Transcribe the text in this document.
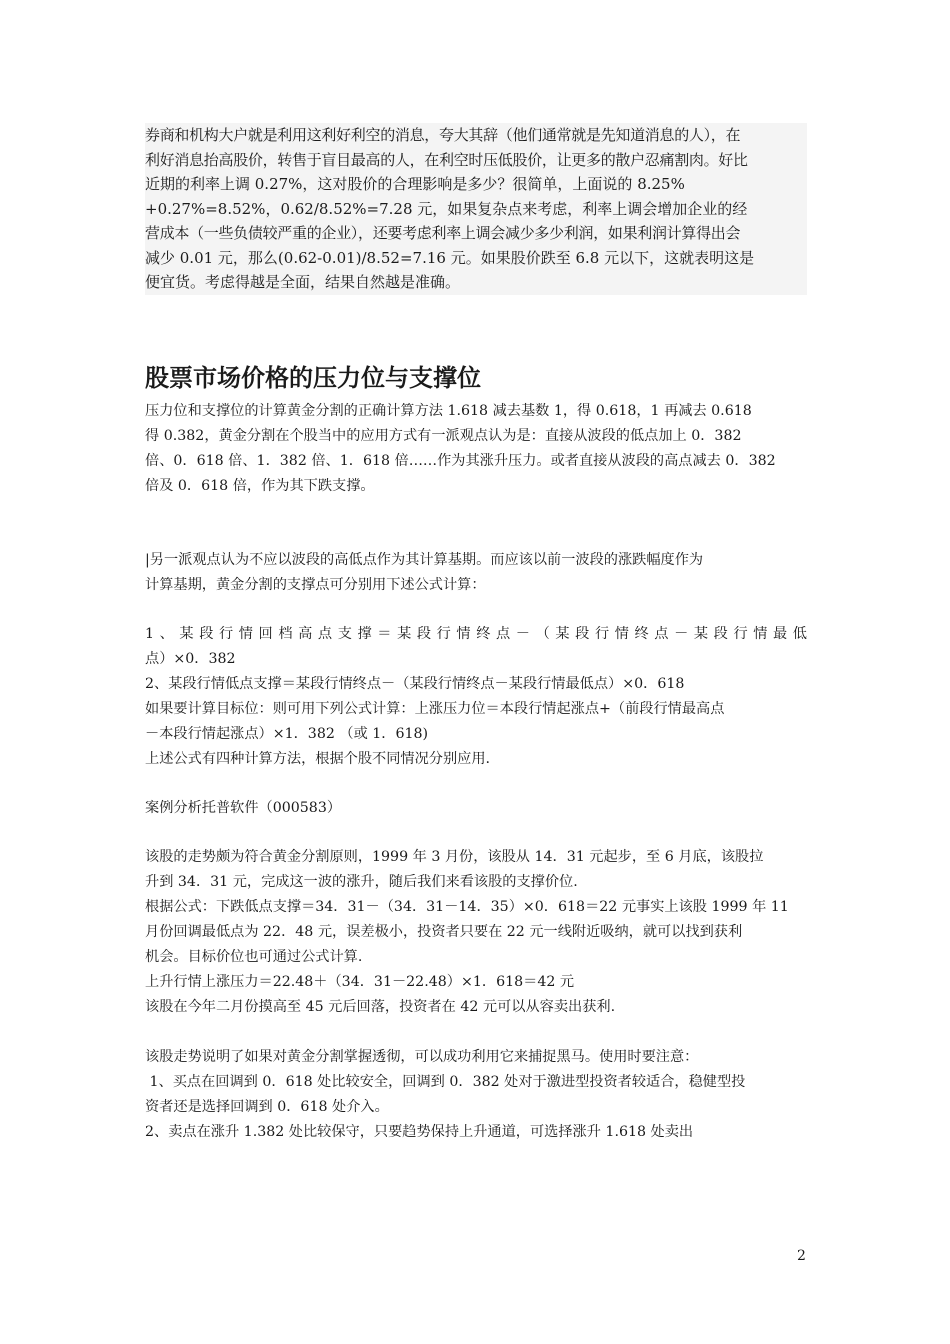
券商和机构大户就是利用这利好利空的消息，夸大其辞（他们通常就是先知道消息的人），在

利好消息抬高股价，转售于盲目最高的人，在利空时压低股价，让更多的散户忍痛割肉。好比

近期的利率上调 0.27%，这对股价的合理影响是多少？很简单，上面说的 8.25%

+0.27%=8.52%，0.62/8.52%=7.28 元，如果复杂点来考虑，利率上调会增加企业的经

营成本（一些负债较严重的企业），还要考虑利率上调会减少多少利润，如果利润计算得出会

减少 0.01 元，那么(0.62-0.01)/8.52=7.16 元。如果股价跌至 6.8 元以下，这就表明这是

便宜货。考虑得越是全面，结果自然越是准确。

股票市场价格的压力位与支撑位

压力位和支撑位的计算黄金分割的正确计算方法 1.618 减去基数 1，得 0.618，1 再减去 0.618

得 0.382，黄金分割在个股当中的应用方式有一派观点认为是：直接从波段的低点加上 0．382

倍、0．618 倍、1．382 倍、1．618 倍……作为其涨升压力。或者直接从波段的高点减去 0．382

倍及 0．618 倍，作为其下跌支撑。

|另一派观点认为不应以波段的高低点作为其计算基期。而应该以前一波段的涨跌幅度作为

计算基期，黄金分割的支撑点可分别用下述公式计算：

1、某段行情回档高点支撑＝某段行情终点－（某段行情终点－某段行情最低

点）×0．382

2、某段行情低点支撑＝某段行情终点－（某段行情终点－某段行情最低点）×0．618

如果要计算目标位：则可用下列公式计算：上涨压力位＝本段行情起涨点+（前段行情最高点

－本段行情起涨点）×1．382 （或 1．618)

上述公式有四种计算方法，根据个股不同情况分别应用.

案例分析托普软件（000583）

该股的走势颇为符合黄金分割原则，1999 年 3 月份，该股从 14．31 元起步，至 6 月底，该股拉

升到 34．31 元，完成这一波的涨升，随后我们来看该股的支撑价位.

根据公式：下跌低点支撑＝34．31－（34．31－14．35）×0．618＝22 元事实上该股 1999 年 11

月份回调最低点为 22．48 元，误差极小，投资者只要在 22 元一线附近吸纳，就可以找到获利

机会。目标价位也可通过公式计算.

上升行情上涨压力＝22.48＋（34．31－22.48）×1．618＝42 元

该股在今年二月份摸高至 45 元后回落，投资者在 42 元可以从容卖出获利.

该股走势说明了如果对黄金分割掌握透彻，可以成功利用它来捕捉黑马。使用时要注意：

1、买点在回调到 0．618 处比较安全，回调到 0．382 处对于激进型投资者较适合，稳健型投

资者还是选择回调到 0．618 处介入。

2、卖点在涨升 1.382 处比较保守，只要趋势保持上升通道，可选择涨升 1.618 处卖出

2
